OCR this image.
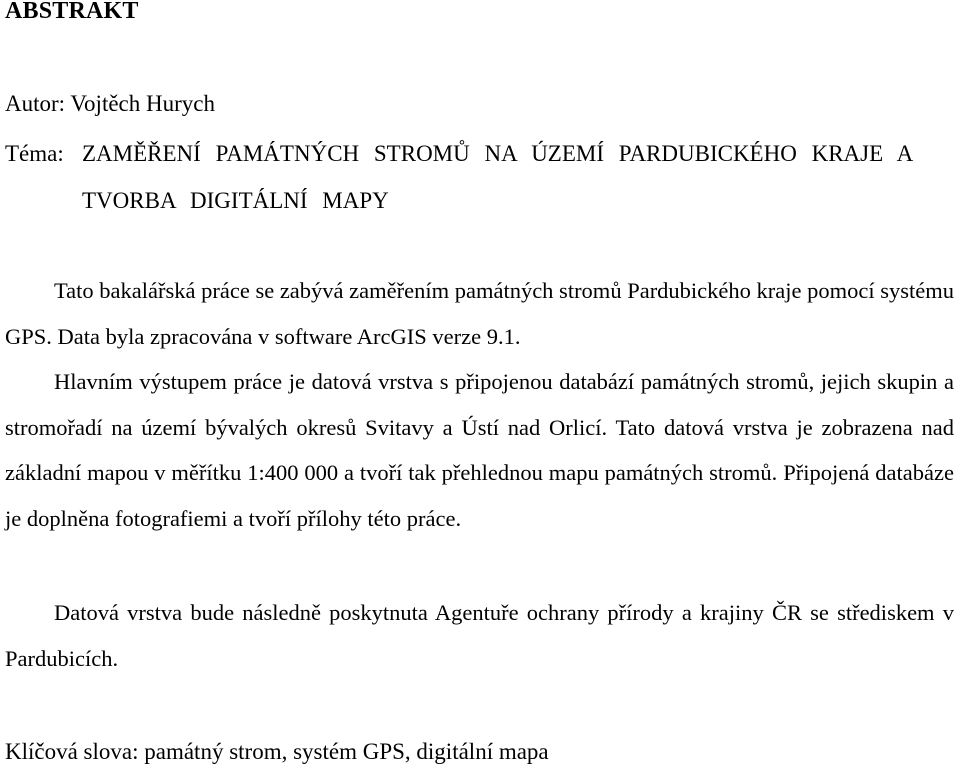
ABSTRAKT

Autor: Vojtěch Hurych

Téma: ZAMĚŘENÍ PAMÁTNÝCH STROMŮ NA ÚZEMÍ PARDUBICKÉHO KRAJE A TVORBA DIGITÁLNÍ MAPY

Tato bakalářská práce se zabývá zaměřením památných stromů Pardubického kraje pomocí systému GPS. Data byla zpracována v software ArcGIS verze 9.1.

Hlavním výstupem práce je datová vrstva s připojenou databází památných stromů, jejich skupin a stromořadí na území bývalých okresů Svitavy a Ústí nad Orlicí. Tato datová vrstva je zobrazena nad základní mapou v měřítku 1:400 000 a tvoří tak přehlednou mapu památných stromů. Připojená databáze je doplněna fotografiemi a tvoří přílohy této práce.

Datová vrstva bude následně poskytnuta Agentuře ochrany přírody a krajiny ČR se střediskem v Pardubicích.

Klíčová slova: památný strom, systém GPS, digitální mapa
